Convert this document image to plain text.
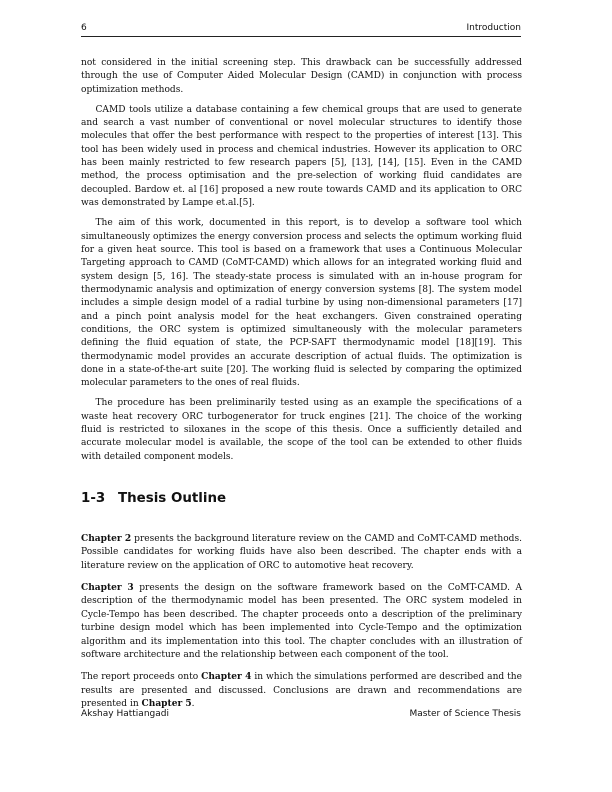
6	Introduction

not considered in the initial screening step. This drawback can be successfully addressed through the use of Computer Aided Molecular Design (CAMD) in conjunction with process optimization methods.

CAMD tools utilize a database containing a few chemical groups that are used to generate and search a vast number of conventional or novel molecular structures to identify those molecules that offer the best performance with respect to the properties of interest [13]. This tool has been widely used in process and chemical industries. However its application to ORC has been mainly restricted to few research papers [5], [13], [14], [15]. Even in the CAMD method, the process optimisation and the pre-selection of working fluid candidates are decoupled. Bardow et. al [16] proposed a new route towards CAMD and its application to ORC was demonstrated by Lampe et.al.[5].

The aim of this work, documented in this report, is to develop a software tool which simultaneously optimizes the energy conversion process and selects the optimum working fluid for a given heat source. This tool is based on a framework that uses a Continuous Molecular Targeting approach to CAMD (CoMT-CAMD) which allows for an integrated working fluid and system design [5, 16]. The steady-state process is simulated with an in-house program for thermodynamic analysis and optimization of energy conversion systems [8]. The system model includes a simple design model of a radial turbine by using non-dimensional parameters [17] and a pinch point analysis model for the heat exchangers. Given constrained operating conditions, the ORC system is optimized simultaneously with the molecular parameters defining the fluid equation of state, the PCP-SAFT thermodynamic model [18][19]. This thermodynamic model provides an accurate description of actual fluids. The optimization is done in a state-of-the-art suite [20]. The working fluid is selected by comparing the optimized molecular parameters to the ones of real fluids.

The procedure has been preliminarily tested using as an example the specifications of a waste heat recovery ORC turbogenerator for truck engines [21]. The choice of the working fluid is restricted to siloxanes in the scope of this thesis. Once a sufficiently detailed and accurate molecular model is available, the scope of the tool can be extended to other fluids with detailed component models.

1-3 Thesis Outline

Chapter 2 presents the background literature review on the CAMD and CoMT-CAMD methods. Possible candidates for working fluids have also been described. The chapter ends with a literature review on the application of ORC to automotive heat recovery.

Chapter 3 presents the design on the software framework based on the CoMT-CAMD. A description of the thermodynamic model has been presented. The ORC system modeled in Cycle-Tempo has been described. The chapter proceeds onto a description of the preliminary turbine design model which has been implemented into Cycle-Tempo and the optimization algorithm and its implementation into this tool. The chapter concludes with an illustration of software architecture and the relationship between each component of the tool.

The report proceeds onto Chapter 4 in which the simulations performed are described and the results are presented and discussed. Conclusions are drawn and recommendations are presented in Chapter 5.

Akshay Hattiangadi	Master of Science Thesis
